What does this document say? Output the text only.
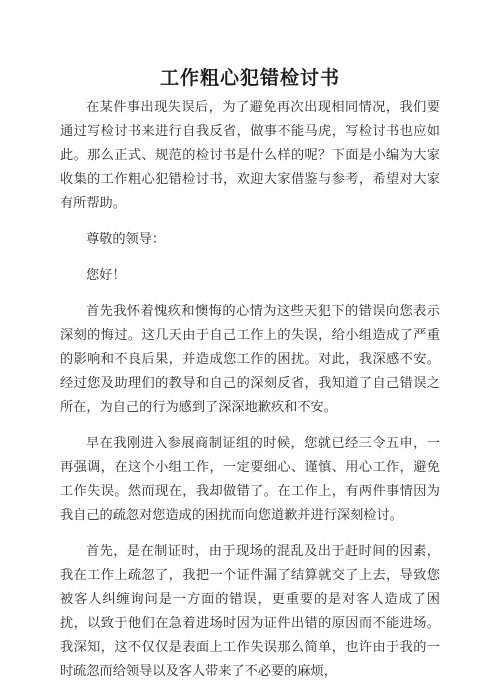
工作粗心犯错检讨书

在某件事出现失误后，为了避免再次出现相同情况，我们要通过写检讨书来进行自我反省，做事不能马虎，写检讨书也应如此。那么正式、规范的检讨书是什么样的呢？下面是小编为大家收集的工作粗心犯错检讨书，欢迎大家借鉴与参考，希望对大家有所帮助。

尊敬的领导：

您好！

首先我怀着愧疚和懊悔的心情为这些天犯下的错误向您表示深刻的悔过。这几天由于自己工作上的失误，给小组造成了严重的影响和不良后果，并造成您工作的困扰。对此，我深感不安。经过您及助理们的教导和自己的深刻反省，我知道了自己错误之所在，为自己的行为感到了深深地歉疚和不安。

早在我刚进入参展商制证组的时候，您就已经三令五申，一再强调，在这个小组工作，一定要细心、谨慎、用心工作，避免工作失误。然而现在，我却做错了。在工作上，有两件事情因为我自己的疏忽对您造成的困扰而向您道歉并进行深刻检讨。

首先，是在制证时，由于现场的混乱及出于赶时间的因素，我在工作上疏忽了，我把一个证件漏了结算就交了上去，导致您被客人纠缠询问是一方面的错误，更重要的是对客人造成了困扰，以致于他们在急着进场时因为证件出错的原因而不能进场。我深知，这不仅仅是表面上工作失误那么简单，也许由于我的一时疏忽而给领导以及客人带来了不必要的麻烦，
